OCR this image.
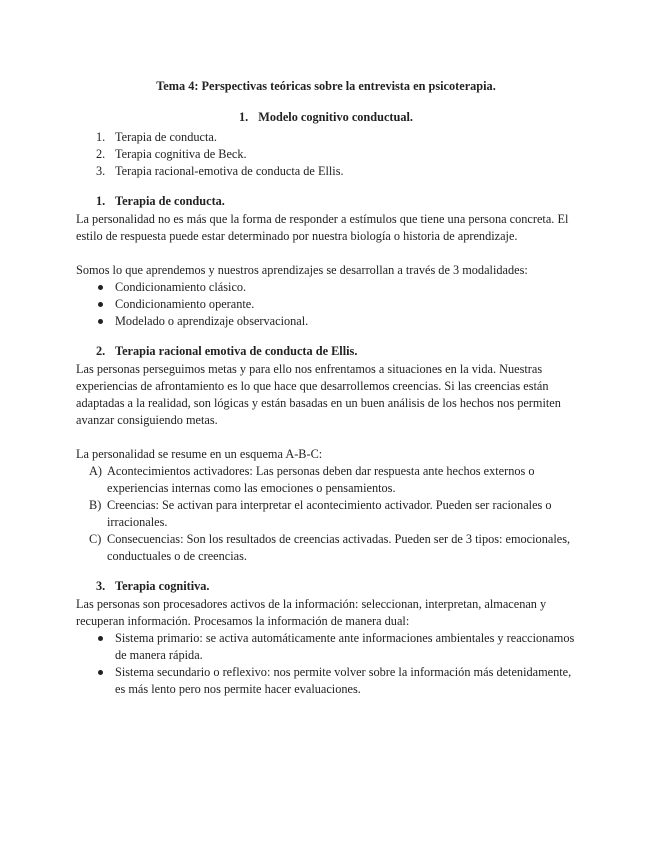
Tema 4: Perspectivas teóricas sobre la entrevista en psicoterapia.
1. Modelo cognitivo conductual.
1. Terapia de conducta.
2. Terapia cognitiva de Beck.
3. Terapia racional-emotiva de conducta de Ellis.
1. Terapia de conducta.

La personalidad no es más que la forma de responder a estímulos que tiene una persona concreta. El estilo de respuesta puede estar determinado por nuestra biología o historia de aprendizaje.

Somos lo que aprendemos y nuestros aprendizajes se desarrollan a través de 3 modalidades:

Condicionamiento clásico.
Condicionamiento operante.
Modelado o aprendizaje observacional.
2. Terapia racional emotiva de conducta de Ellis.

Las personas perseguimos metas y para ello nos enfrentamos a situaciones en la vida. Nuestras experiencias de afrontamiento es lo que hace que desarrollemos creencias. Si las creencias están adaptadas a la realidad, son lógicas y están basadas en un buen análisis de los hechos nos permiten avanzar consiguiendo metas.

La personalidad se resume en un esquema A-B-C:

A) Acontecimientos activadores: Las personas deben dar respuesta ante hechos externos o experiencias internas como las emociones o pensamientos.
B) Creencias: Se activan para interpretar el acontecimiento activador. Pueden ser racionales o irracionales.
C) Consecuencias: Son los resultados de creencias activadas. Pueden ser de 3 tipos: emocionales, conductuales o de creencias.
3. Terapia cognitiva.

Las personas son procesadores activos de la información: seleccionan, interpretan, almacenan y recuperan información. Procesamos la información de manera dual:

Sistema primario: se activa automáticamente ante informaciones ambientales y reaccionamos de manera rápida.
Sistema secundario o reflexivo: nos permite volver sobre la información más detenidamente, es más lento pero nos permite hacer evaluaciones.
